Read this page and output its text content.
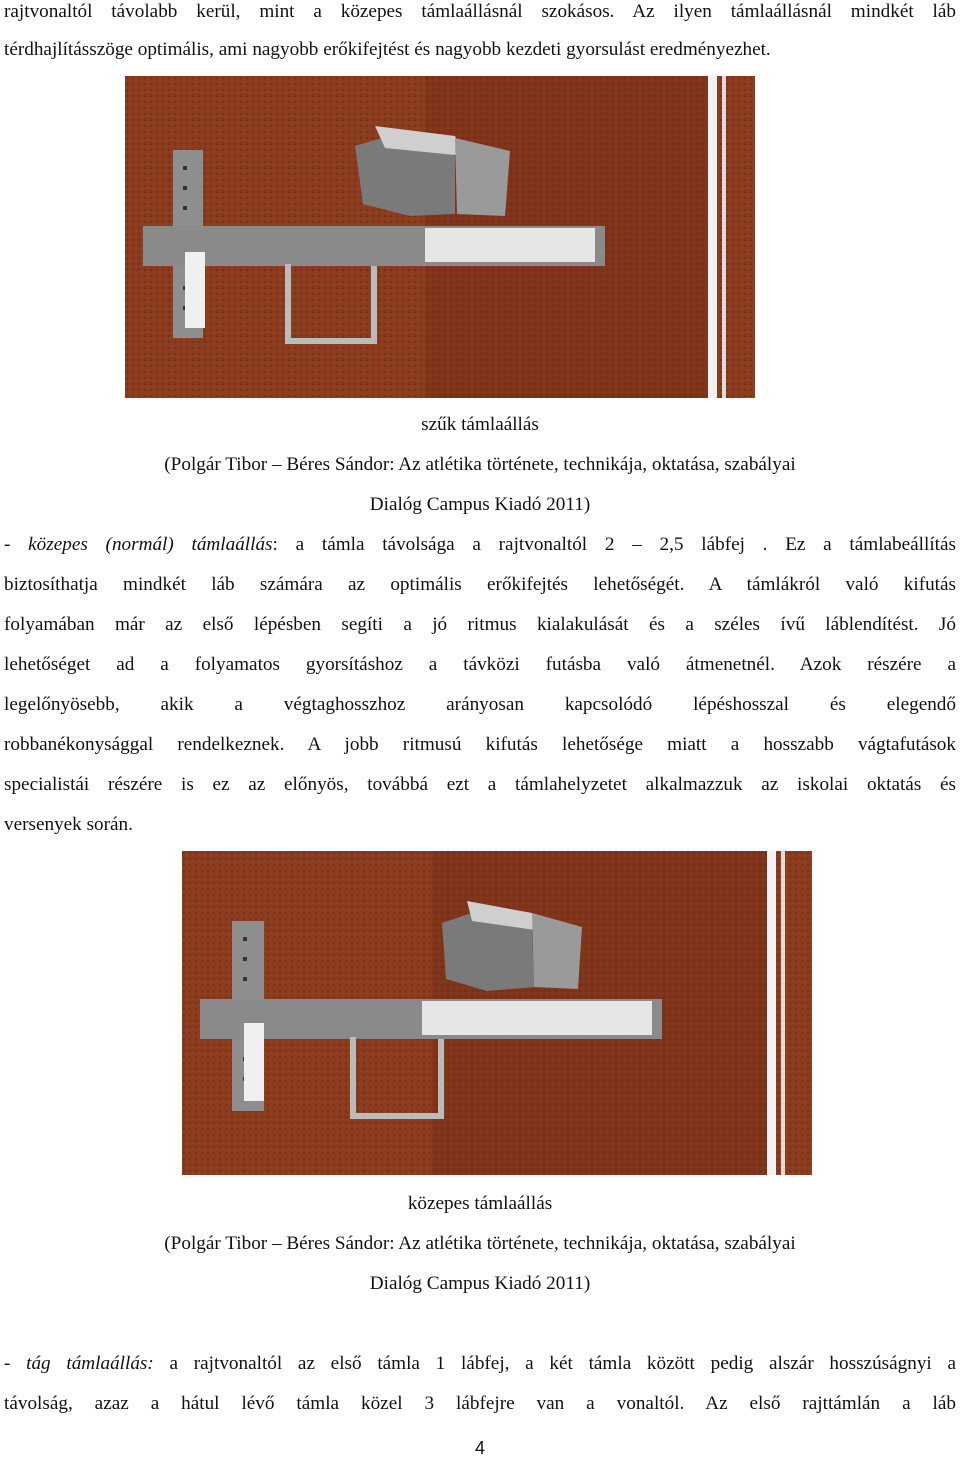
rajtvonaltól távolabb kerül, mint a közepes támlaállásnál szokásos. Az ilyen támlaállásnál mindkét láb
térdhajlításszöge optimális, ami nagyobb erőkifejtést és nagyobb kezdeti gyorsulást eredményezhet.
szűk támlaállás
(Polgár Tibor – Béres Sándor: Az atlétika története, technikája, oktatása, szabályai
Dialóg Campus Kiadó 2011)
- közepes (normál) támlaállás: a támla távolsága a rajtvonaltól 2 – 2,5 lábfej . Ez a támlabeállítás
biztosíthatja mindkét láb számára az optimális erőkifejtés lehetőségét. A támlákról való kifutás
folyamában már az első lépésben segíti a jó ritmus kialakulását és a széles ívű láblendítést. Jó
lehetőséget ad a folyamatos gyorsításhoz a távközi futásba való átmenetnél. Azok részére a
legelőnyösebb, akik a végtaghosszhoz arányosan kapcsolódó lépéshosszal és elegendő
robbanékonysággal rendelkeznek. A jobb ritmusú kifutás lehetősége miatt a hosszabb vágtafutások
specialistái részére is ez az előnyös, továbbá ezt a támlahelyzetet alkalmazzuk az iskolai oktatás és
versenyek során.
közepes támlaállás
(Polgár Tibor – Béres Sándor: Az atlétika története, technikája, oktatása, szabályai
Dialóg Campus Kiadó 2011)
- tág támlaállás: a rajtvonaltól az első támla 1 lábfej, a két támla között pedig alszár hosszúságnyi a
távolság, azaz a hátul lévő támla közel 3 lábfejre van a vonaltól. Az első rajttámlán a láb
4
